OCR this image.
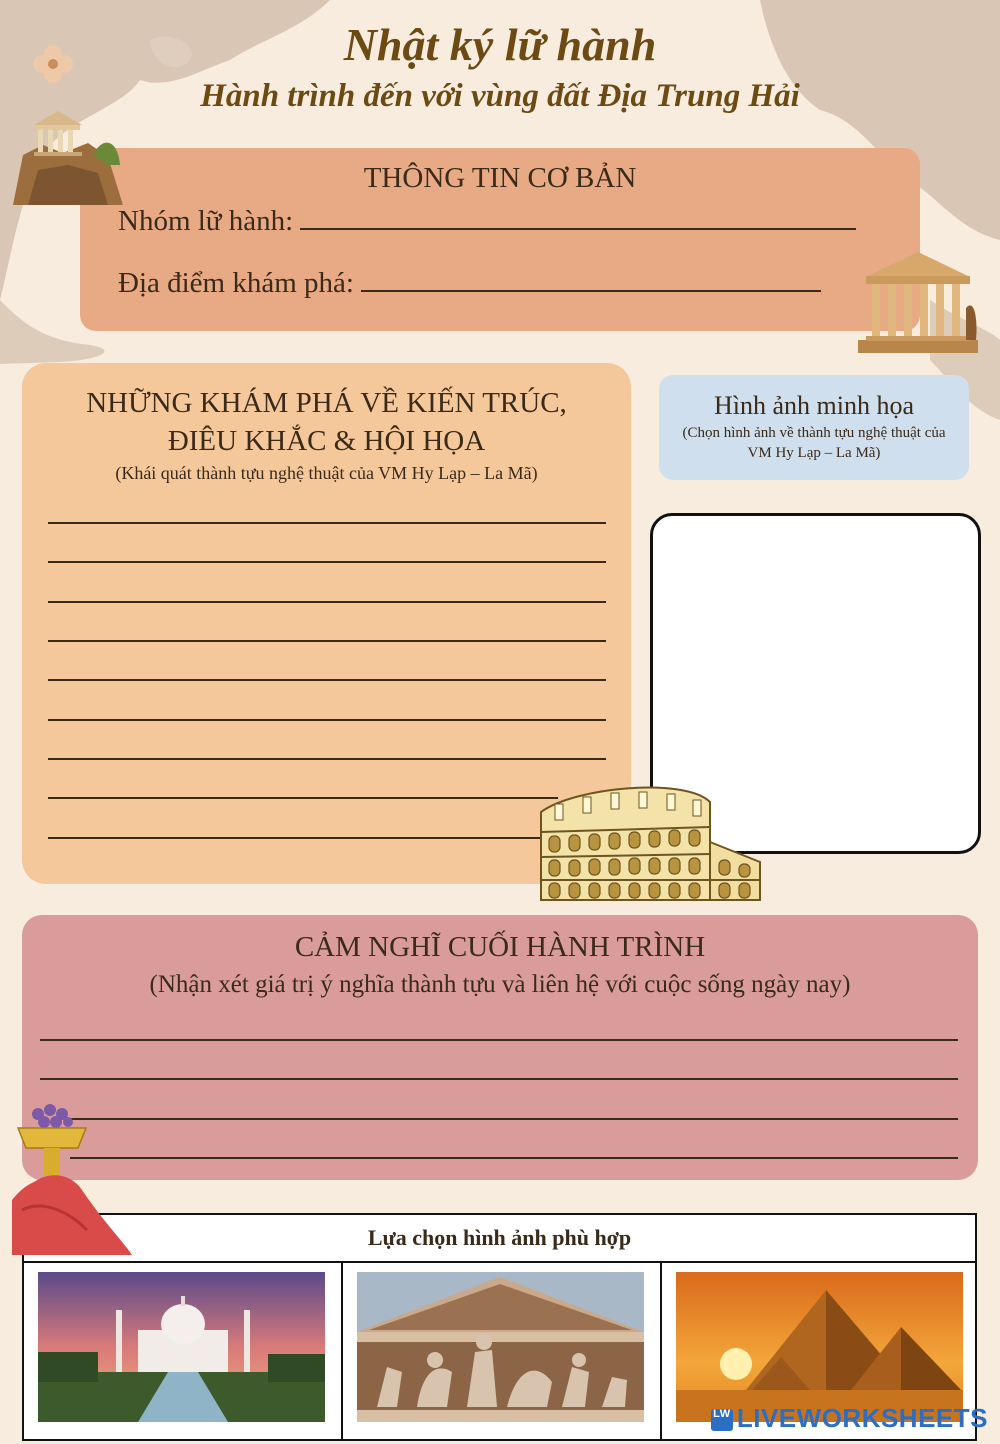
Nhật ký lữ hành
Hành trình đến với vùng đất Địa Trung Hải
THÔNG TIN CƠ BẢN
Nhóm lữ hành:
Địa điểm khám phá:
NHỮNG KHÁM PHÁ VỀ KIẾN TRÚC,
ĐIÊU KHẮC & HỘI HỌA
(Khái quát thành tựu nghệ thuật của VM Hy Lạp – La Mã)
Hình ảnh minh họa
(Chọn hình ảnh về thành tựu nghệ thuật của VM Hy Lạp – La Mã)
CẢM NGHĨ CUỐI HÀNH TRÌNH
(Nhận xét giá trị ý nghĩa thành tựu và liên hệ với cuộc sống ngày nay)
Lựa chọn hình ảnh phù hợp
LW LIVEWORKSHEETS
